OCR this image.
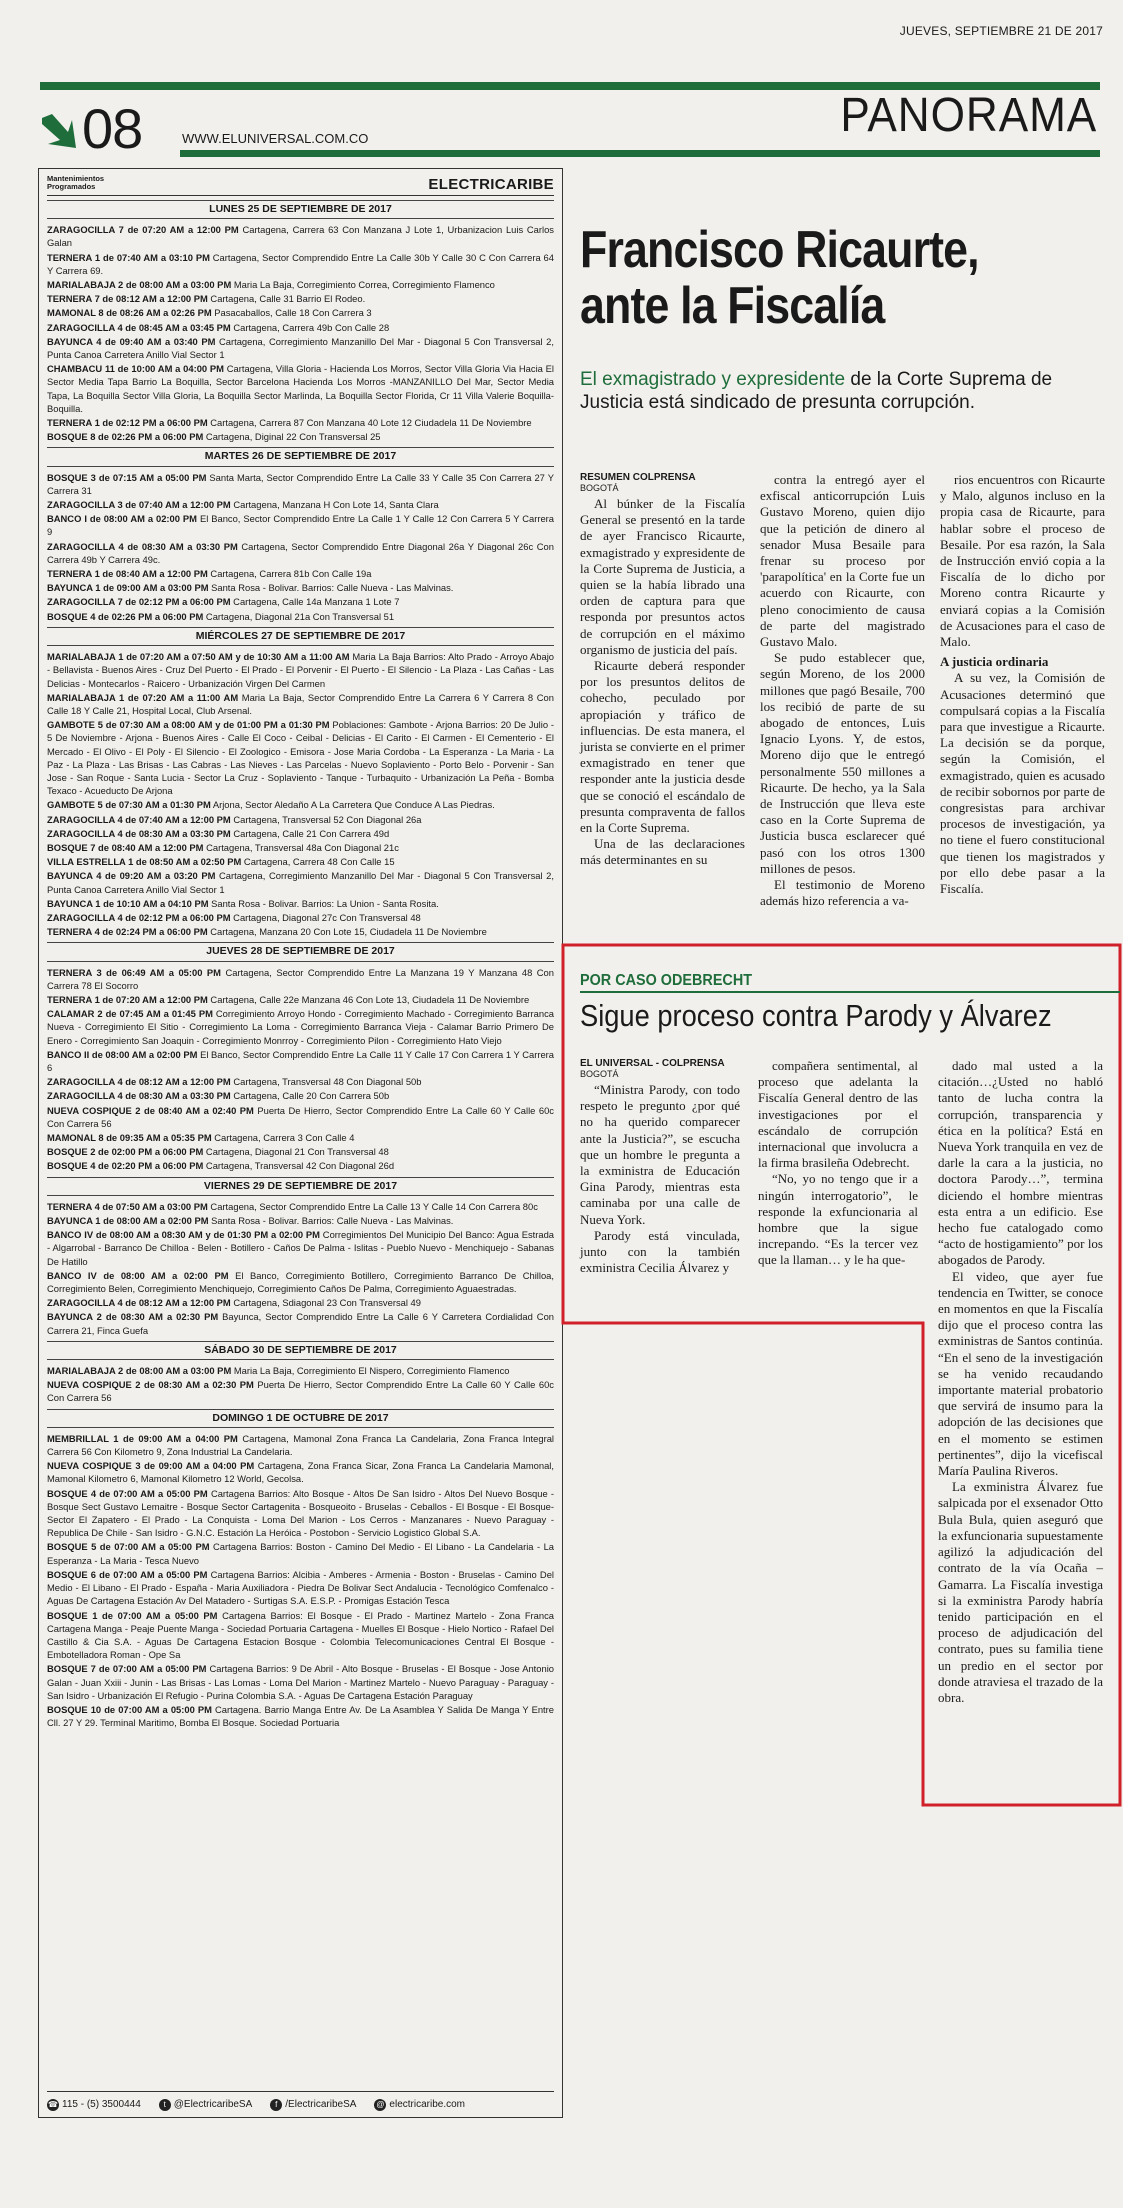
JUEVES, SEPTIEMBRE 21 DE 2017
08	WWW.ELUNIVERSAL.COM.CO	PANORAMA
Mantenimientos Programados	ELECTRICARIBE
LUNES 25 DE SEPTIEMBRE DE 2017
ZARAGOCILLA 7 de 07:20 AM a 12:00 PM Cartagena, Carrera 63 Con Manzana J Lote 1, Urbanizacion Luis Carlos Galan
TERNERA 1 de 07:40 AM a 03:10 PM Cartagena, Sector Comprendido Entre La Calle 30b Y Calle 30 C Con Carrera 64 Y Carrera 69.
MARIALABAJA 2 de 08:00 AM a 03:00 PM Maria La Baja, Corregimiento Correa, Corregimiento Flamenco
TERNERA 7 de 08:12 AM a 12:00 PM Cartagena, Calle 31 Barrio El Rodeo.
MAMONAL 8 de 08:26 AM a 02:26 PM Pasacaballos, Calle 18 Con Carrera 3
ZARAGOCILLA 4 de 08:45 AM a 03:45 PM Cartagena, Carrera 49b Con Calle 28
BAYUNCA 4 de 09:40 AM a 03:40 PM Cartagena, Corregimiento Manzanillo Del Mar - Diagonal 5 Con Transversal 2, Punta Canoa Carretera Anillo Vial Sector 1
CHAMBACU 11 de 10:00 AM a 04:00 PM Cartagena, Villa Gloria - Hacienda Los Morros, Sector Villa Gloria Via Hacia El Sector Media Tapa Barrio La Boquilla, Sector Barcelona Hacienda Los Morros -MANZANILLO Del Mar, Sector Media Tapa, La Boquilla Sector Villa Gloria, La Boquilla Sector Marlinda, La Boquilla Sector Florida, Cr 11 Villa Valerie Boquilla-Boquilla.
TERNERA 1 de 02:12 PM a 06:00 PM Cartagena, Carrera 87 Con Manzana 40 Lote 12 Ciudadela 11 De Noviembre
BOSQUE 8 de 02:26 PM a 06:00 PM Cartagena, Diginal 22 Con Transversal 25
MARTES 26 DE SEPTIEMBRE DE 2017
BOSQUE 3 de 07:15 AM a 05:00 PM Santa Marta, Sector Comprendido Entre La Calle 33 Y Calle 35 Con Carrera 27 Y Carrera 31
ZARAGOCILLA 3 de 07:40 AM a 12:00 PM Cartagena, Manzana H Con Lote 14, Santa Clara
BANCO I de 08:00 AM a 02:00 PM El Banco, Sector Comprendido Entre La Calle 1 Y Calle 12 Con Carrera 5 Y Carrera 9
ZARAGOCILLA 4 de 08:30 AM a 03:30 PM Cartagena, Sector Comprendido Entre Diagonal 26a Y Diagonal 26c Con Carrera 49b Y Carrera 49c.
TERNERA 1 de 08:40 AM a 12:00 PM Cartagena, Carrera 81b Con Calle 19a
BAYUNCA 1 de 09:00 AM a 03:00 PM Santa Rosa - Bolivar. Barrios: Calle Nueva - Las Malvinas.
ZARAGOCILLA 7 de 02:12 PM a 06:00 PM Cartagena, Calle 14a Manzana 1 Lote 7
BOSQUE 4 de 02:26 PM a 06:00 PM Cartagena, Diagonal 21a Con Transversal 51
MIÉRCOLES 27 DE SEPTIEMBRE DE 2017
MARIALABAJA 1 de 07:20 AM a 07:50 AM y de 10:30 AM a 11:00 AM Maria La Baja Barrios: Alto Prado - Arroyo Abajo - Bellavista - Buenos Aires - Cruz Del Puerto - El Prado - El Porvenir - El Puerto - El Silencio - La Plaza - Las Cañas - Las Delicias - Montecarlos - Raicero - Urbanización Virgen Del Carmen
MARIALABAJA 1 de 07:20 AM a 11:00 AM Maria La Baja, Sector Comprendido Entre La Carrera 6 Y Carrera 8 Con Calle 18 Y Calle 21, Hospital Local, Club Arsenal.
GAMBOTE 5 de 07:30 AM a 08:00 AM y de 01:00 PM a 01:30 PM Poblaciones: Gambote - Arjona Barrios: 20 De Julio - 5 De Noviembre - Arjona - Buenos Aires - Calle El Coco - Ceibal - Delicias - El Carito - El Carmen - El Cementerio - El Mercado - El Olivo - El Poly - El Silencio - El Zoologico - Emisora - Jose Maria Cordoba - La Esperanza - La Maria - La Paz - La Plaza - Las Brisas - Las Cabras - Las Nieves - Las Parcelas - Nuevo Soplaviento - Porto Belo - Porvenir - San Jose - San Roque - Santa Lucia - Sector La Cruz - Soplaviento - Tanque - Turbaquito - Urbanización La Peña - Bomba Texaco - Acueducto De Arjona
GAMBOTE 5 de 07:30 AM a 01:30 PM Arjona, Sector Aledaño A La Carretera Que Conduce A Las Piedras.
ZARAGOCILLA 4 de 07:40 AM a 12:00 PM Cartagena, Transversal 52 Con Diagonal 26a
ZARAGOCILLA 4 de 08:30 AM a 03:30 PM Cartagena, Calle 21 Con Carrera 49d
BOSQUE 7 de 08:40 AM a 12:00 PM Cartagena, Transversal 48a Con Diagonal 21c
VILLA ESTRELLA 1 de 08:50 AM a 02:50 PM Cartagena, Carrera 48 Con Calle 15
BAYUNCA 4 de 09:20 AM a 03:20 PM Cartagena, Corregimiento Manzanillo Del Mar - Diagonal 5 Con Transversal 2, Punta Canoa Carretera Anillo Vial Sector 1
BAYUNCA 1 de 10:10 AM a 04:10 PM Santa Rosa - Bolivar. Barrios: La Union - Santa Rosita.
ZARAGOCILLA 4 de 02:12 PM a 06:00 PM Cartagena, Diagonal 27c Con Transversal 48
TERNERA 4 de 02:24 PM a 06:00 PM Cartagena, Manzana 20 Con Lote 15, Ciudadela 11 De Noviembre
JUEVES 28 DE SEPTIEMBRE DE 2017
TERNERA 3 de 06:49 AM a 05:00 PM Cartagena, Sector Comprendido Entre La Manzana 19 Y Manzana 48 Con Carrera 78 El Socorro
TERNERA 1 de 07:20 AM a 12:00 PM Cartagena, Calle 22e Manzana 46 Con Lote 13, Ciudadela 11 De Noviembre
CALAMAR 2 de 07:45 AM a 01:45 PM Corregimiento Arroyo Hondo - Corregimiento Machado - Corregimiento Barranca Nueva - Corregimiento El Sitio - Corregimiento La Loma - Corregimiento Barranca Vieja - Calamar Barrio Primero De Enero - Corregimiento San Joaquin - Corregimiento Monrroy - Corregimiento Pilon - Corregimiento Hato Viejo
BANCO II de 08:00 AM a 02:00 PM El Banco, Sector Comprendido Entre La Calle 11 Y Calle 17 Con Carrera 1 Y Carrera 6
ZARAGOCILLA 4 de 08:12 AM a 12:00 PM Cartagena, Transversal 48 Con Diagonal 50b
ZARAGOCILLA 4 de 08:30 AM a 03:30 PM Cartagena, Calle 20 Con Carrera 50b
NUEVA COSPIQUE 2 de 08:40 AM a 02:40 PM Puerta De Hierro, Sector Comprendido Entre La Calle 60 Y Calle 60c Con Carrera 56
MAMONAL 8 de 09:35 AM a 05:35 PM Cartagena, Carrera 3 Con Calle 4
BOSQUE 2 de 02:00 PM a 06:00 PM Cartagena, Diagonal 21 Con Transversal 48
BOSQUE 4 de 02:20 PM a 06:00 PM Cartagena, Transversal 42 Con Diagonal 26d
VIERNES 29 DE SEPTIEMBRE DE 2017
TERNERA 4 de 07:50 AM a 03:00 PM Cartagena, Sector Comprendido Entre La Calle 13 Y Calle 14 Con Carrera 80c
BAYUNCA 1 de 08:00 AM a 02:00 PM Santa Rosa - Bolivar. Barrios: Calle Nueva - Las Malvinas.
BANCO IV de 08:00 AM a 08:30 AM y de 01:30 PM a 02:00 PM Corregimientos Del Municipio Del Banco: Agua Estrada - Algarrobal - Barranco De Chilloa - Belen - Botillero - Caños De Palma - Islitas - Pueblo Nuevo - Menchiquejo - Sabanas De Hatillo
BANCO IV de 08:00 AM a 02:00 PM El Banco, Corregimiento Botillero, Corregimiento Barranco De Chilloa, Corregimiento Belen, Corregimiento Menchiquejo, Corregimiento Caños De Palma, Corregimiento Aguaestradas.
ZARAGOCILLA 4 de 08:12 AM a 12:00 PM Cartagena, Sdiagonal 23 Con Transversal 49
BAYUNCA 2 de 08:30 AM a 02:30 PM Bayunca, Sector Comprendido Entre La Calle 6 Y Carretera Cordialidad Con Carrera 21, Finca Guefa
SÁBADO 30 DE SEPTIEMBRE DE 2017
MARIALABAJA 2 de 08:00 AM a 03:00 PM Maria La Baja, Corregimiento El Nispero, Corregimiento Flamenco
NUEVA COSPIQUE 2 de 08:30 AM a 02:30 PM Puerta De Hierro, Sector Comprendido Entre La Calle 60 Y Calle 60c Con Carrera 56
DOMINGO 1 DE OCTUBRE DE 2017
MEMBRILLAL 1 de 09:00 AM a 04:00 PM Cartagena, Mamonal Zona Franca La Candelaria, Zona Franca Integral Carrera 56 Con Kilometro 9, Zona Industrial La Candelaria.
NUEVA COSPIQUE 3 de 09:00 AM a 04:00 PM Cartagena, Zona Franca Sicar, Zona Franca La Candelaria Mamonal, Mamonal Kilometro 6, Mamonal Kilometro 12 World, Gecolsa.
BOSQUE 4 de 07:00 AM a 05:00 PM Cartagena Barrios: Alto Bosque - Altos De San Isidro - Altos Del Nuevo Bosque - Bosque Sect Gustavo Lemaitre - Bosque Sector Cartagenita - Bosqueoito - Bruselas - Ceballos - El Bosque - El Bosque-Sector El Zapatero - El Prado - La Conquista - Loma Del Marion - Los Cerros - Manzanares - Nuevo Paraguay - Republica De Chile - San Isidro - G.N.C. Estación La Heróica - Postobon - Servicio Logistico Global S.A.
BOSQUE 5 de 07:00 AM a 05:00 PM Cartagena Barrios: Boston - Camino Del Medio - El Libano - La Candelaria - La Esperanza - La Maria - Tesca Nuevo
BOSQUE 6 de 07:00 AM a 05:00 PM Cartagena Barrios: Alcibia - Amberes - Armenia - Boston - Bruselas - Camino Del Medio - El Libano - El Prado - España - Maria Auxiliadora - Piedra De Bolivar Sect Andalucia - Tecnológico Comfenalco - Aguas De Cartagena Estación Av Del Matadero - Surtigas S.A. E.S.P. - Promigas Estación Tesca
BOSQUE 1 de 07:00 AM a 05:00 PM Cartagena Barrios: El Bosque - El Prado - Martinez Martelo - Zona Franca Cartagena Manga - Peaje Puente Manga - Sociedad Portuaria Cartagena - Muelles El Bosque - Hielo Nortico - Rafael Del Castillo & Cia S.A. - Aguas De Cartagena Estacion Bosque - Colombia Telecomunicaciones Central El Bosque - Embotelladora Roman - Ope Sa
BOSQUE 7 de 07:00 AM a 05:00 PM Cartagena Barrios: 9 De Abril - Alto Bosque - Bruselas - El Bosque - Jose Antonio Galan - Juan Xxiii - Junin - Las Brisas - Las Lomas - Loma Del Marion - Martinez Martelo - Nuevo Paraguay - Paraguay - San Isidro - Urbanización El Refugio - Purina Colombia S.A. - Aguas De Cartagena Estación Paraguay
BOSQUE 10 de 07:00 AM a 05:00 PM Cartagena. Barrio Manga Entre Av. De La Asamblea Y Salida De Manga Y Entre Cll. 27 Y 29. Terminal Maritimo, Bomba El Bosque. Sociedad Portuaria
☎ 115 - (5) 3500444	t @ElectricaribeSA	f /ElectricaribeSA @ electricaribe.com
Francisco Ricaurte, ante la Fiscalía
El exmagistrado y expresidente de la Corte Suprema de Justicia está sindicado de presunta corrupción.
RESUMEN COLPRENSA
BOGOTÁ

Al búnker de la Fiscalía General se presentó en la tarde de ayer Francisco Ricaurte, exmagistrado y expresidente de la Corte Suprema de Justicia, a quien se la había librado una orden de captura para que responda por presuntos actos de corrupción en el máximo organismo de justicia del país.

Ricaurte deberá responder por los presuntos delitos de cohecho, peculado por apropiación y tráfico de influencias. De esta manera, el jurista se convierte en el primer exmagistrado en tener que responder ante la justicia desde que se conoció el escándalo de presunta compraventa de fallos en la Corte Suprema.

Una de las declaraciones más determinantes en su

contra la entregó ayer el exfiscal anticorrupción Luis Gustavo Moreno, quien dijo que la petición de dinero al senador Musa Besaile para frenar su proceso por 'parapolítica' en la Corte fue un acuerdo con Ricaurte, con pleno conocimiento de causa de parte del magistrado Gustavo Malo.

Se pudo establecer que, según Moreno, de los 2000 millones que pagó Besaile, 700 los recibió de parte de su abogado de entonces, Luis Ignacio Lyons. Y, de estos, Moreno dijo que le entregó personalmente 550 millones a Ricaurte. De hecho, ya la Sala de Instrucción que lleva este caso en la Corte Suprema de Justicia busca esclarecer qué pasó con los otros 1300 millones de pesos.

El testimonio de Moreno además hizo referencia a va-

rios encuentros con Ricaurte y Malo, algunos incluso en la propia casa de Ricaurte, para hablar sobre el proceso de Besaile. Por esa razón, la Sala de Instrucción envió copia a la Fiscalía de lo dicho por Moreno contra Ricaurte y enviará copias a la Comisión de Acusaciones para el caso de Malo.

A justicia ordinaria

A su vez, la Comisión de Acusaciones determinó que compulsará copias a la Fiscalía para que investigue a Ricaurte. La decisión se da porque, según la Comisión, el exmagistrado, quien es acusado de recibir sobornos por parte de congresistas para archivar procesos de investigación, ya no tiene el fuero constitucional que tienen los magistrados y por ello debe pasar a la Fiscalía.

POR CASO ODEBRECHT
Sigue proceso contra Parody y Álvarez
EL UNIVERSAL - COLPRENSA
BOGOTÁ

“Ministra Parody, con todo respeto le pregunto ¿por qué no ha querido comparecer ante la Justicia?”, se escucha que un hombre le pregunta a la exministra de Educación Gina Parody, mientras esta caminaba por una calle de Nueva York.

Parody está vinculada, junto con la también exministra Cecilia Álvarez y

compañera sentimental, al proceso que adelanta la Fiscalía General dentro de las investigaciones por el escándalo de corrupción internacional que involucra a la firma brasileña Odebrecht.

“No, yo no tengo que ir a ningún interrogatorio”, le responde la exfuncionaria al hombre que la sigue increpando. “Es la tercer vez que la llaman… y le ha que-

dado mal usted a la citación…¿Usted no habló tanto de lucha contra la corrupción, transparencia y ética en la política? Está en Nueva York tranquila en vez de darle la cara a la justicia, no doctora Parody…”, termina diciendo el hombre mientras esta entra a un edificio. Ese hecho fue catalogado como “acto de hostigamiento” por los abogados de Parody.

El video, que ayer fue tendencia en Twitter, se conoce en momentos en que la Fiscalía dijo que el proceso contra las exministras de Santos continúa. “En el seno de la investigación se ha venido recaudando importante material probatorio que servirá de insumo para la adopción de las decisiones que en el momento se estimen pertinentes”, dijo la vicefiscal María Paulina Riveros.

La exministra Álvarez fue salpicada por el exsenador Otto Bula Bula, quien aseguró que la exfuncionaria supuestamente agilizó la adjudicación del contrato de la vía Ocaña – Gamarra. La Fiscalía investiga si la exministra Parody habría tenido participación en el proceso de adjudicación del contrato, pues su familia tiene un predio en el sector por donde atraviesa el trazado de la obra.
